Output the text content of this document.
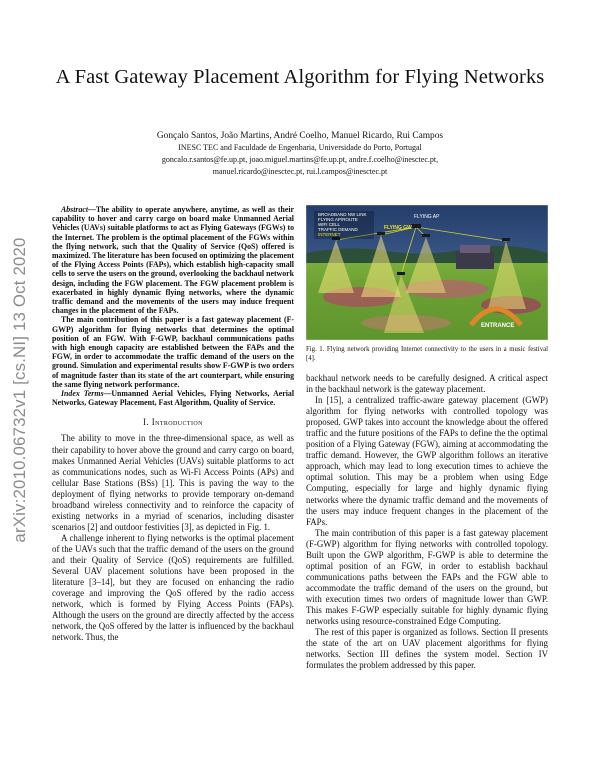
A Fast Gateway Placement Algorithm for Flying Networks
Gonçalo Santos, João Martins, André Coelho, Manuel Ricardo, Rui Campos
INESC TEC and Faculdade de Engenharia, Universidade do Porto, Portugal
goncalo.r.santos@fe.up.pt, joao.miguel.martins@fe.up.pt, andre.f.coelho@inesctec.pt,
manuel.ricardo@inesctec.pt, rui.l.campos@inesctec.pt
arXiv:2010.06732v1 [cs.NI] 13 Oct 2020

Abstract—The ability to operate anywhere, anytime, as well as their capability to hover and carry cargo on board make Unmanned Aerial Vehicles (UAVs) suitable platforms to act as Flying Gateways (FGWs) to the Internet. The problem is the optimal placement of the FGWs within the flying network, such that the Quality of Service (QoS) offered is maximized. The literature has been focused on optimizing the placement of the Flying Access Points (FAPs), which establish high-capacity small cells to serve the users on the ground, overlooking the backhaul network design, including the FGW placement. The FGW placement problem is exacerbated in highly dynamic flying networks, where the dynamic traffic demand and the movements of the users may induce frequent changes in the placement of the FAPs.

The main contribution of this paper is a fast gateway placement (F-GWP) algorithm for flying networks that determines the optimal position of an FGW. With F-GWP, backhaul communications paths with high enough capacity are established between the FAPs and the FGW, in order to accommodate the traffic demand of the users on the ground. Simulation and experimental results show F-GWP is two orders of magnitude faster than its state of the art counterpart, while ensuring the same flying network performance.

Index Terms—Unmanned Aerial Vehicles, Flying Networks, Aerial Networks, Gateway Placement, Fast Algorithm, Quality of Service.

I. Introduction

The ability to move in the three-dimensional space, as well as their capability to hover above the ground and carry cargo on board, makes Unmanned Aerial Vehicles (UAVs) suitable platforms to act as communications nodes, such as Wi-Fi Access Points (APs) and cellular Base Stations (BSs) [1]. This is paving the way to the deployment of flying networks to provide temporary on-demand broadband wireless connectivity and to reinforce the capacity of existing networks in a myriad of scenarios, including disaster scenarios [2] and outdoor festivities [3], as depicted in Fig. 1.

A challenge inherent to flying networks is the optimal placement of the UAVs such that the traffic demand of the users on the ground and their Quality of Service (QoS) requirements are fulfilled. Several UAV placement solutions have been proposed in the literature [3–14], but they are focused on enhancing the radio coverage and improving the QoS offered by the radio access network, which is formed by Flying Access Points (FAPs). Although the users on the ground are directly affected by the access network, the QoS offered by the latter is influenced by the backhaul network. Thus, the

BROADBAND NW LINK
FLYING AP/ROUTE
WIFI CELL
TRAFFIC DEMAND
INTERNET
FLYING AP
FLYING GW
ENTRANCE

Fig. 1. Flying network providing Internet connectivity to the users in a music festival [4].

backhaul network needs to be carefully designed. A critical aspect in the backhaul network is the gateway placement.

In [15], a centralized traffic-aware gateway placement (GWP) algorithm for flying networks with controlled topology was proposed. GWP takes into account the knowledge about the offered traffic and the future positions of the FAPs to define the the optimal position of a Flying Gateway (FGW), aiming at accommodating the traffic demand. However, the GWP algorithm follows an iterative approach, which may lead to long execution times to achieve the optimal solution. This may be a problem when using Edge Computing, especially for large and highly dynamic flying networks where the dynamic traffic demand and the movements of the users may induce frequent changes in the placement of the FAPs.

The main contribution of this paper is a fast gateway placement (F-GWP) algorithm for flying networks with controlled topology. Built upon the GWP algorithm, F-GWP is able to determine the optimal position of an FGW, in order to establish backhaul communications paths between the FAPs and the FGW able to accommodate the traffic demand of the users on the ground, but with execution times two orders of magnitude lower than GWP. This makes F-GWP especially suitable for highly dynamic flying networks using resource-constrained Edge Computing.

The rest of this paper is organized as follows. Section II presents the state of the art on UAV placement algorithms for flying networks. Section III defines the system model. Section IV formulates the problem addressed by this paper.
